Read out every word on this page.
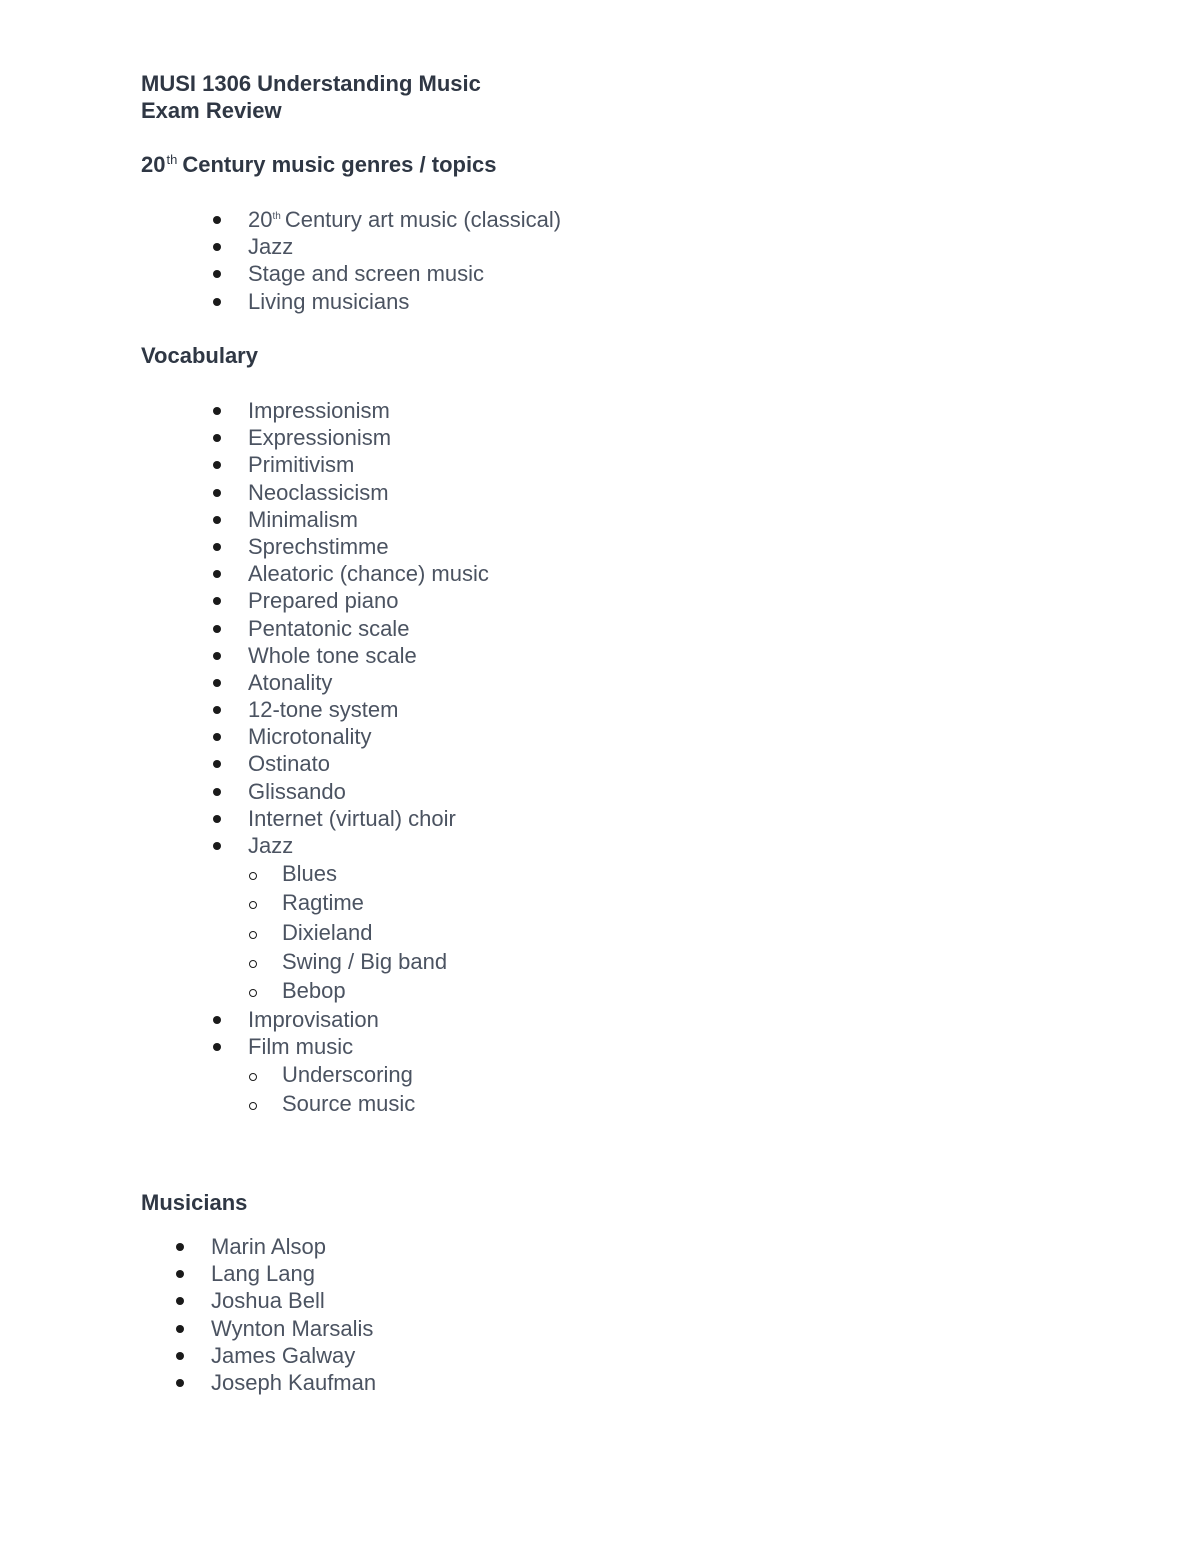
MUSI 1306 Understanding Music

Exam Review

20th Century music genres / topics

20th Century art music (classical)
Jazz
Stage and screen music
Living musicians

Vocabulary

Impressionism
Expressionism
Primitivism
Neoclassicism
Minimalism
Sprechstimme
Aleatoric (chance) music
Prepared piano
Pentatonic scale
Whole tone scale
Atonality
12-tone system
Microtonality
Ostinato
Glissando
Internet (virtual) choir
Jazz
Blues
Ragtime
Dixieland
Swing / Big band
Bebop
Improvisation
Film music
Underscoring
Source music

Musicians

Marin Alsop
Lang Lang
Joshua Bell
Wynton Marsalis
James Galway
Joseph Kaufman
